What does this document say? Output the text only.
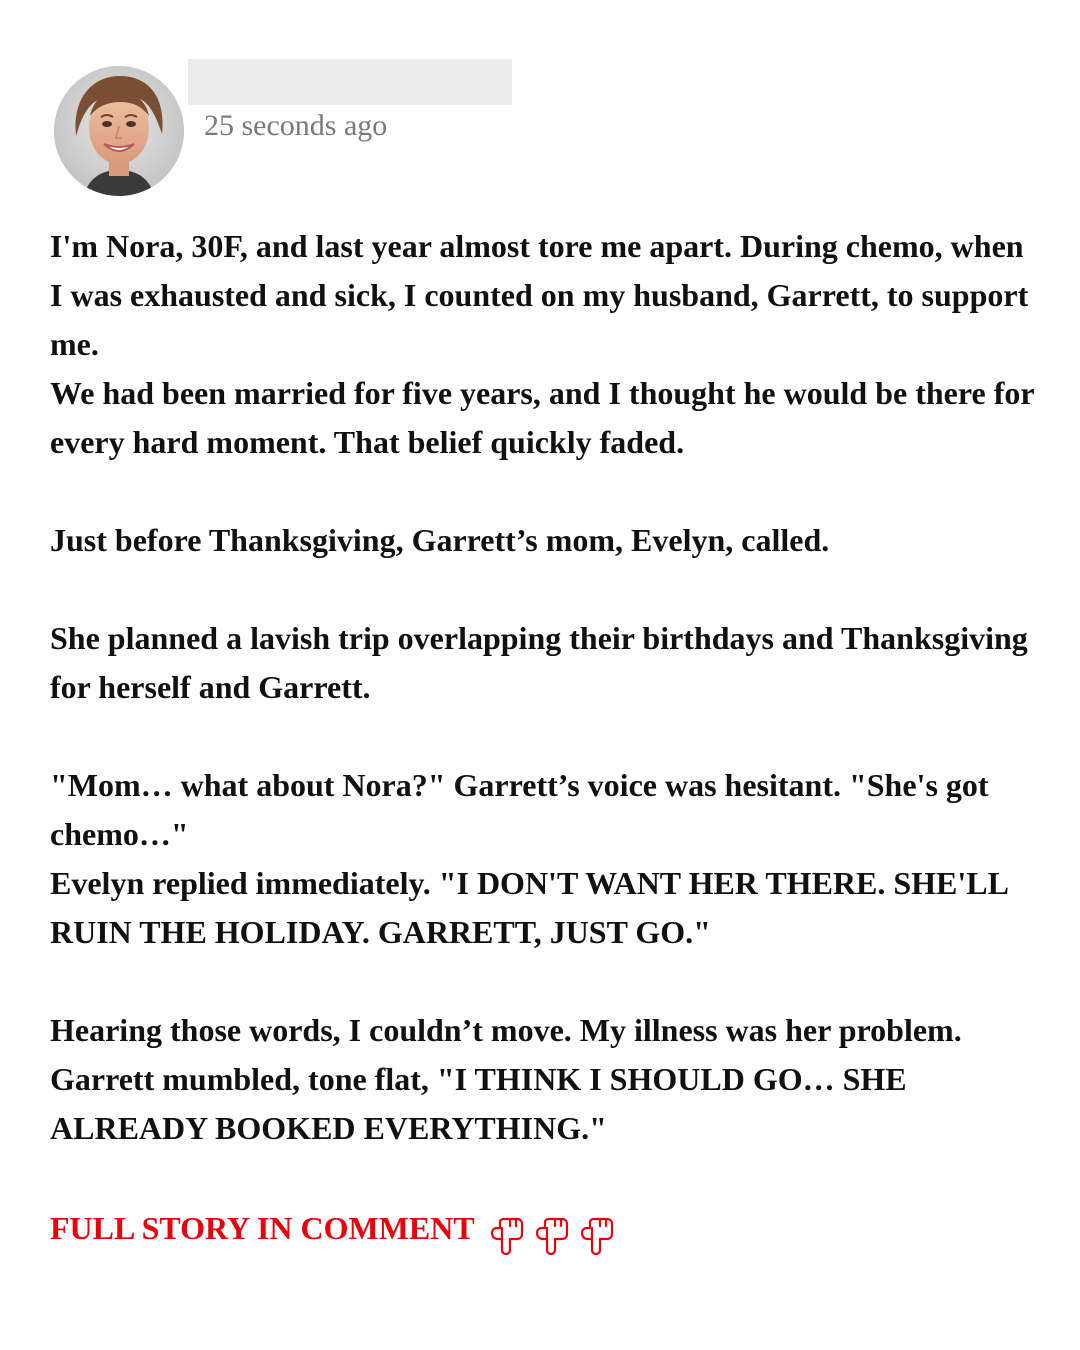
25 seconds ago

I'm Nora, 30F, and last year almost tore me apart. During chemo, when I was exhausted and sick, I counted on my husband, Garrett, to support me.
We had been married for five years, and I thought he would be there for every hard moment. That belief quickly faded.

Just before Thanksgiving, Garrett’s mom, Evelyn, called.

She planned a lavish trip overlapping their birthdays and Thanksgiving for herself and Garrett.

"Mom… what about Nora?" Garrett’s voice was hesitant. "She's got chemo…"
Evelyn replied immediately. "I DON'T WANT HER THERE. SHE'LL RUIN THE HOLIDAY. GARRETT, JUST GO."

Hearing those words, I couldn’t move. My illness was her problem.
Garrett mumbled, tone flat, "I THINK I SHOULD GO… SHE ALREADY BOOKED EVERYTHING."

FULL STORY IN COMMENT
